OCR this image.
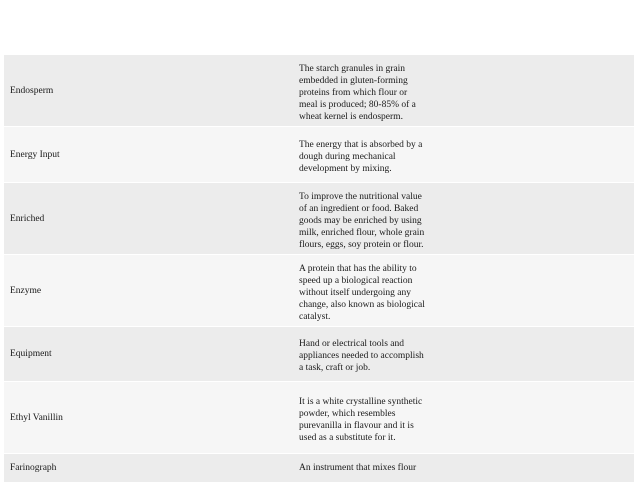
Endosperm
The starch granules in grain
embedded in gluten-forming
proteins from which flour or
meal is produced; 80-85% of a
wheat kernel is endosperm.
Energy Input
The energy that is absorbed by a
dough during mechanical
development by mixing.
Enriched
To improve the nutritional value
of an ingredient or food. Baked
goods may be enriched by using
milk, enriched flour, whole grain
flours, eggs, soy protein or flour.
Enzyme
A protein that has the ability to
speed up a biological reaction
without itself undergoing any
change, also known as biological
catalyst.
Equipment
Hand or electrical tools and
appliances needed to accomplish
a task, craft or job.
Ethyl Vanillin
It is a white crystalline synthetic
powder, which resembles
purevanilla in flavour and it is
used as a substitute for it.
Farinograph	An instrument that mixes flour
